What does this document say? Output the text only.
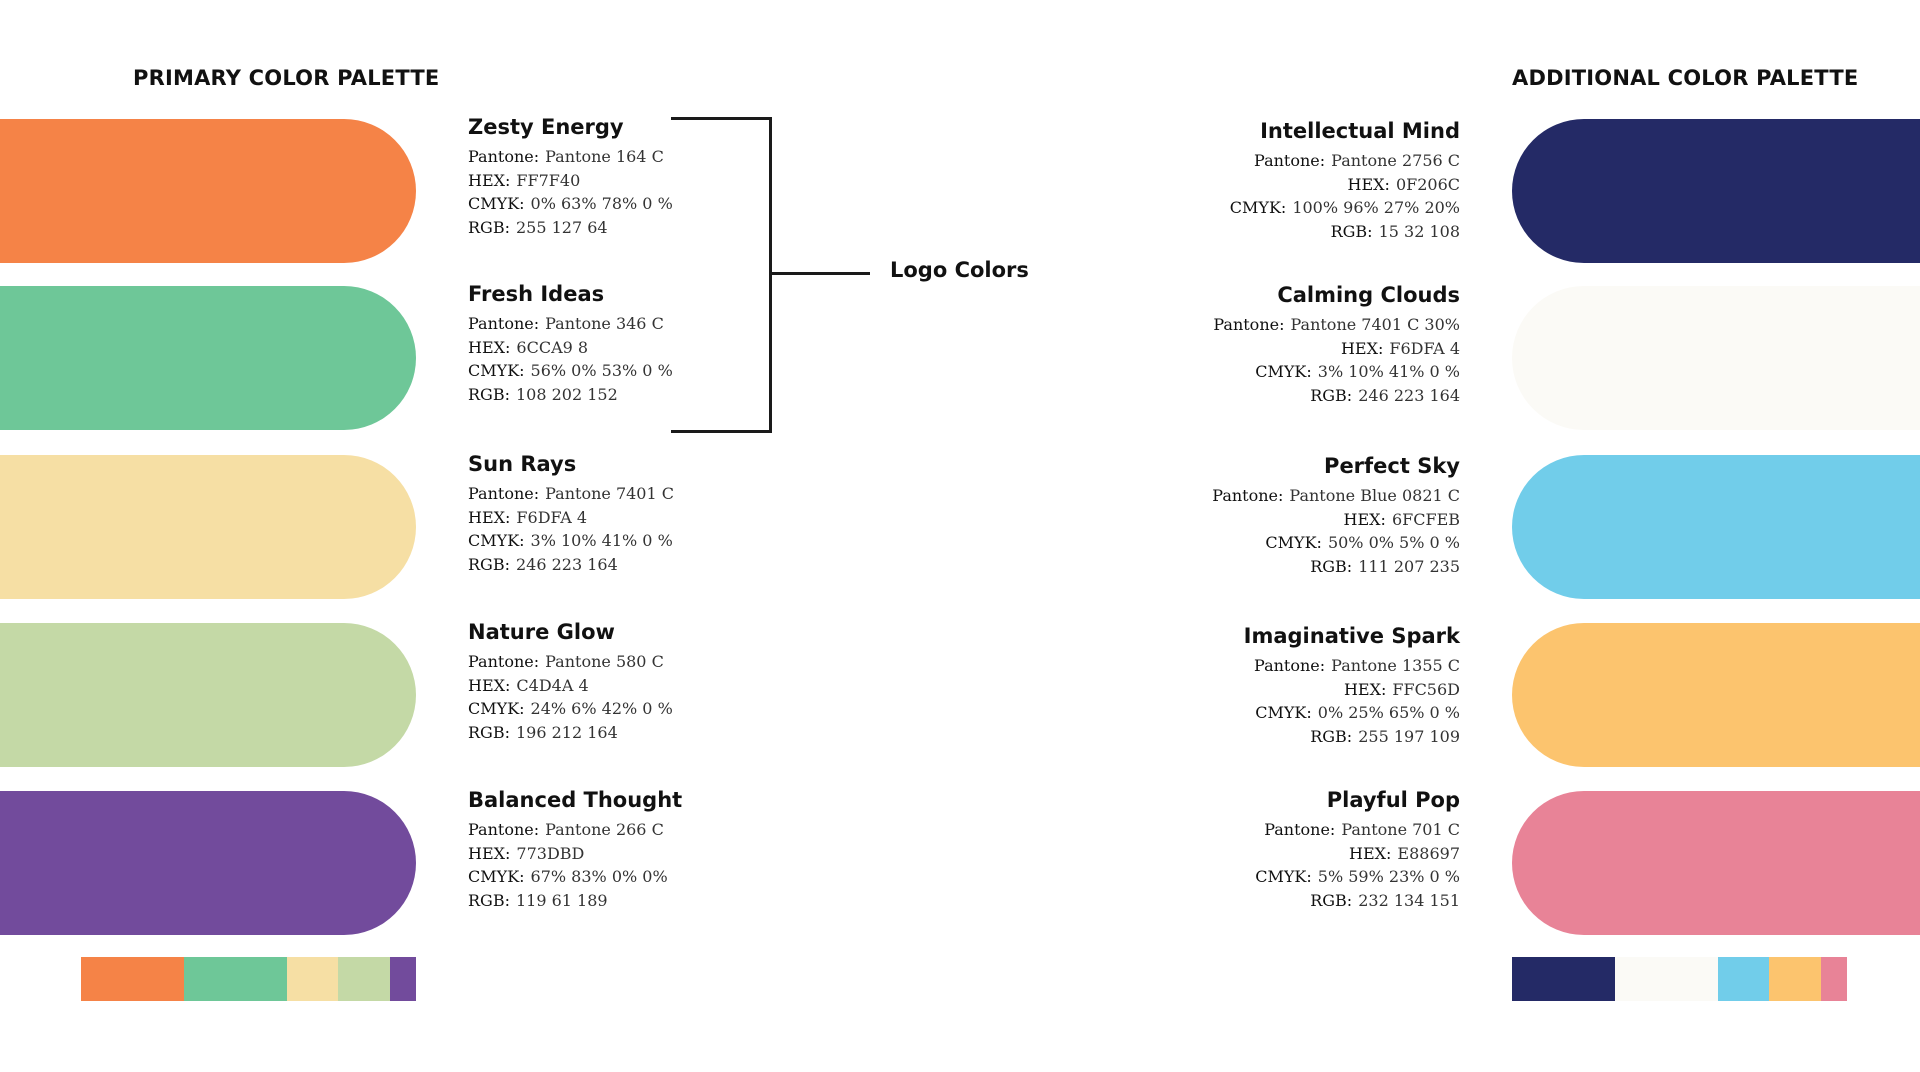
PRIMARY COLOR PALETTE	ADDITIONAL COLOR PALETTE
Zesty Energy
Pantone: Pantone 164 C
HEX: FF7F40
CMYK: 0% 63% 78% 0 %
RGB: 255 127 64
Fresh Ideas
Pantone: Pantone 346 C
HEX: 6CCA9 8
CMYK: 56% 0% 53% 0 %
RGB: 108 202 152
Sun Rays
Pantone: Pantone 7401 C
HEX: F6DFA 4
CMYK: 3% 10% 41% 0 %
RGB: 246 223 164
Nature Glow
Pantone: Pantone 580 C
HEX: C4D4A 4
CMYK: 24% 6% 42% 0 %
RGB: 196 212 164
Balanced Thought
Pantone: Pantone 266 C
HEX: 773DBD
CMYK: 67% 83% 0% 0%
RGB: 119 61 189
Intellectual Mind
Pantone: Pantone 2756 C
HEX: 0F206C
CMYK: 100% 96% 27% 20%
RGB: 15 32 108
Calming Clouds
Pantone: Pantone 7401 C 30%
HEX: F6DFA 4
CMYK: 3% 10% 41% 0 %
RGB: 246 223 164
Perfect Sky
Pantone: Pantone Blue 0821 C
HEX: 6FCFEB
CMYK: 50% 0% 5% 0 %
RGB: 111 207 235
Imaginative Spark
Pantone: Pantone 1355 C
HEX: FFC56D
CMYK: 0% 25% 65% 0 %
RGB: 255 197 109
Playful Pop
Pantone: Pantone 701 C
HEX: E88697
CMYK: 5% 59% 23% 0 %
RGB: 232 134 151
Logo Colors
